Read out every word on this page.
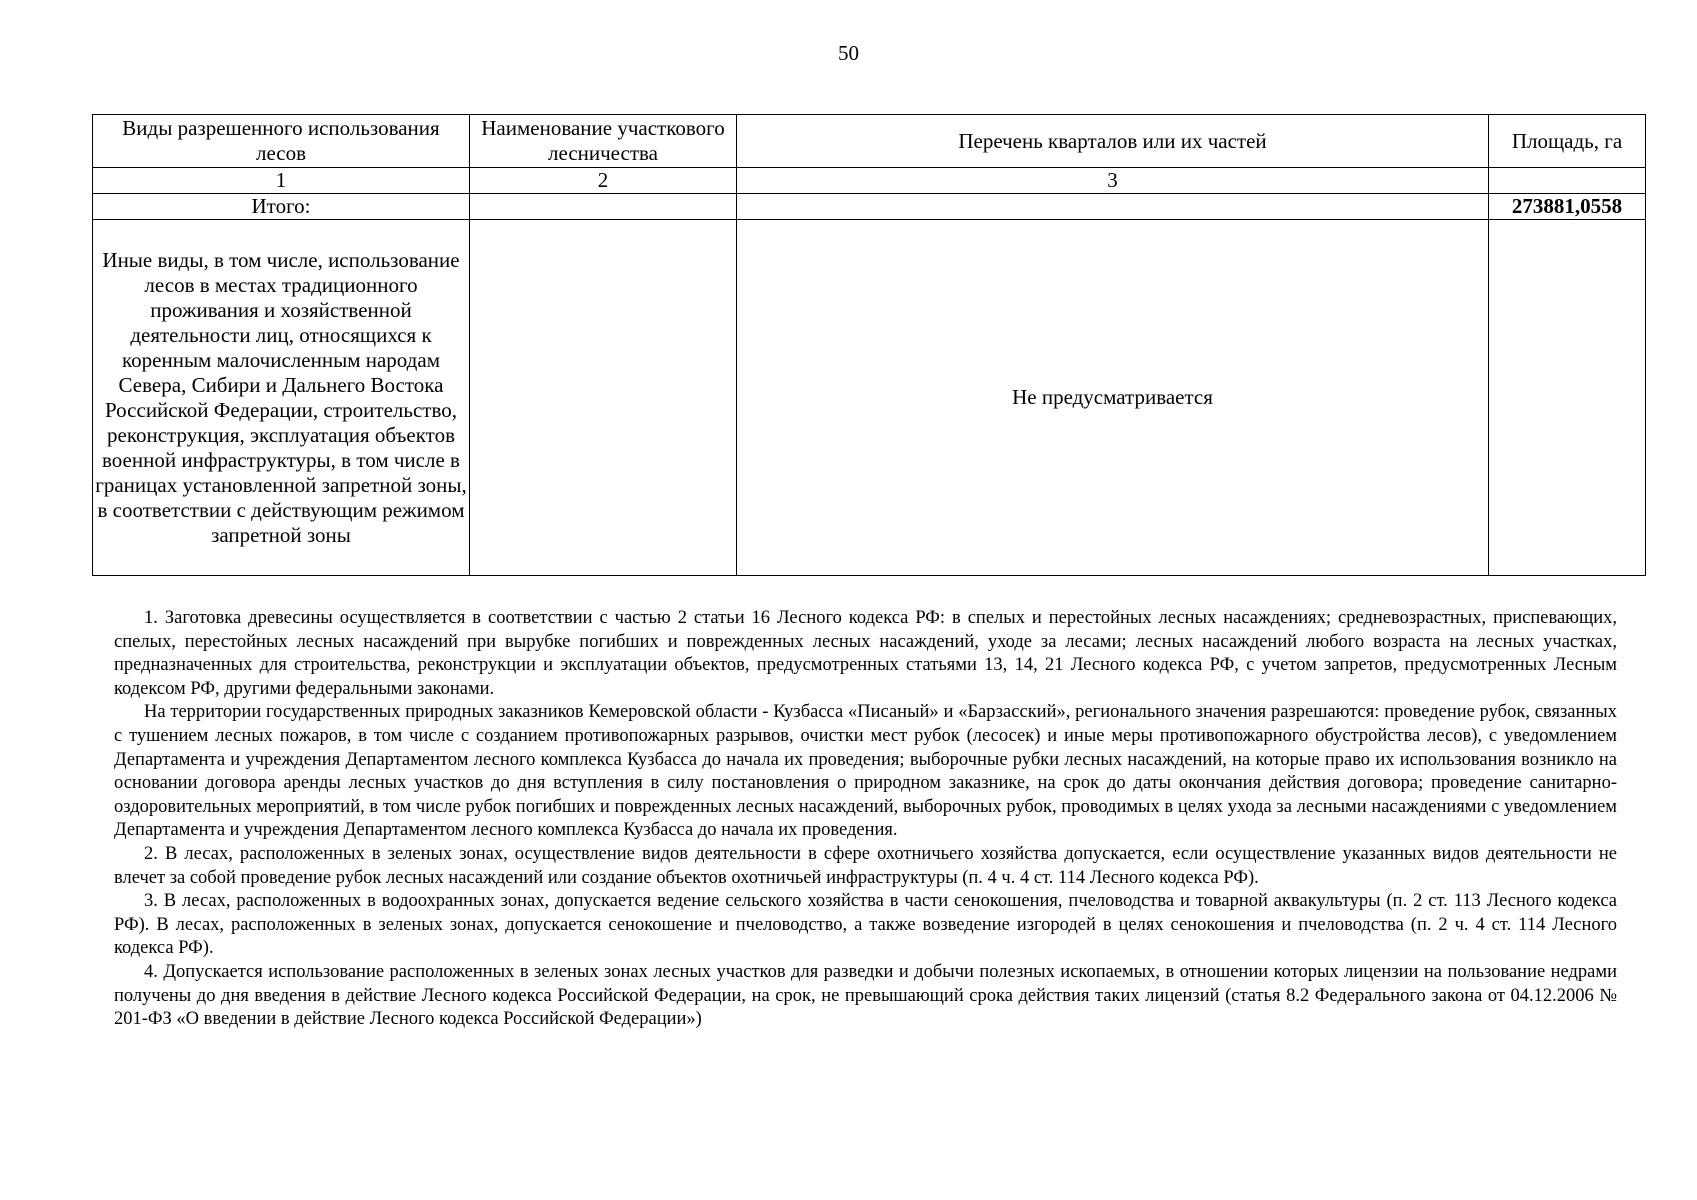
50
Виды разрешенного использования лесов	Наименование участкового лесничества	Перечень кварталов или их частей	Площадь, га
1	2	3	
Итого:			273881,0558
Иные виды, в том числе, использование лесов в местах традиционного проживания и хозяйственной деятельности лиц, относящихся к коренным малочисленным народам Севера, Сибири и Дальнего Востока Российской Федерации, строительство, реконструкция, эксплуатация объектов военной инфраструктуры, в том числе в границах установленной запретной зоны, в соответствии с действующим режимом запретной зоны		Не предусматривается	

1. Заготовка древесины осуществляется в соответствии с частью 2 статьи 16 Лесного кодекса РФ: в спелых и перестойных лесных насаждениях; средневозрастных, приспевающих, спелых, перестойных лесных насаждений при вырубке погибших и поврежденных лесных насаждений, уходе за лесами; лесных насаждений любого возраста на лесных участках, предназначенных для строительства, реконструкции и эксплуатации объектов, предусмотренных статьями 13, 14, 21 Лесного кодекса РФ, с учетом запретов, предусмотренных Лесным кодексом РФ, другими федеральными законами.

На территории государственных природных заказников Кемеровской области - Кузбасса «Писаный» и «Барзасский», регионального значения разрешаются: проведение рубок, связанных с тушением лесных пожаров, в том числе с созданием противопожарных разрывов, очистки мест рубок (лесосек) и иные меры противопожарного обустройства лесов), с уведомлением Департамента и учреждения Департаментом лесного комплекса Кузбасса до начала их проведения; выборочные рубки лесных насаждений, на которые право их использования возникло на основании договора аренды лесных участков до дня вступления в силу постановления о природном заказнике, на срок до даты окончания действия договора; проведение санитарно-оздоровительных мероприятий, в том числе рубок погибших и поврежденных лесных насаждений, выборочных рубок, проводимых в целях ухода за лесными насаждениями с уведомлением Департамента и учреждения Департаментом лесного комплекса Кузбасса до начала их проведения.

2. В лесах, расположенных в зеленых зонах, осуществление видов деятельности в сфере охотничьего хозяйства допускается, если осуществление указанных видов деятельности не влечет за собой проведение рубок лесных насаждений или создание объектов охотничьей инфраструктуры (п. 4 ч. 4 ст. 114 Лесного кодекса РФ).

3. В лесах, расположенных в водоохранных зонах, допускается ведение сельского хозяйства в части сенокошения, пчеловодства и товарной аквакультуры (п. 2 ст. 113 Лесного кодекса РФ). В лесах, расположенных в зеленых зонах, допускается сенокошение и пчеловодство, а также возведение изгородей в целях сенокошения и пчеловодства (п. 2 ч. 4 ст. 114 Лесного кодекса РФ).

4. Допускается использование расположенных в зеленых зонах лесных участков для разведки и добычи полезных ископаемых, в отношении которых лицензии на пользование недрами получены до дня введения в действие Лесного кодекса Российской Федерации, на срок, не превышающий срока действия таких лицензий (статья 8.2 Федерального закона от 04.12.2006 № 201-ФЗ «О введении в действие Лесного кодекса Российской Федерации»)
